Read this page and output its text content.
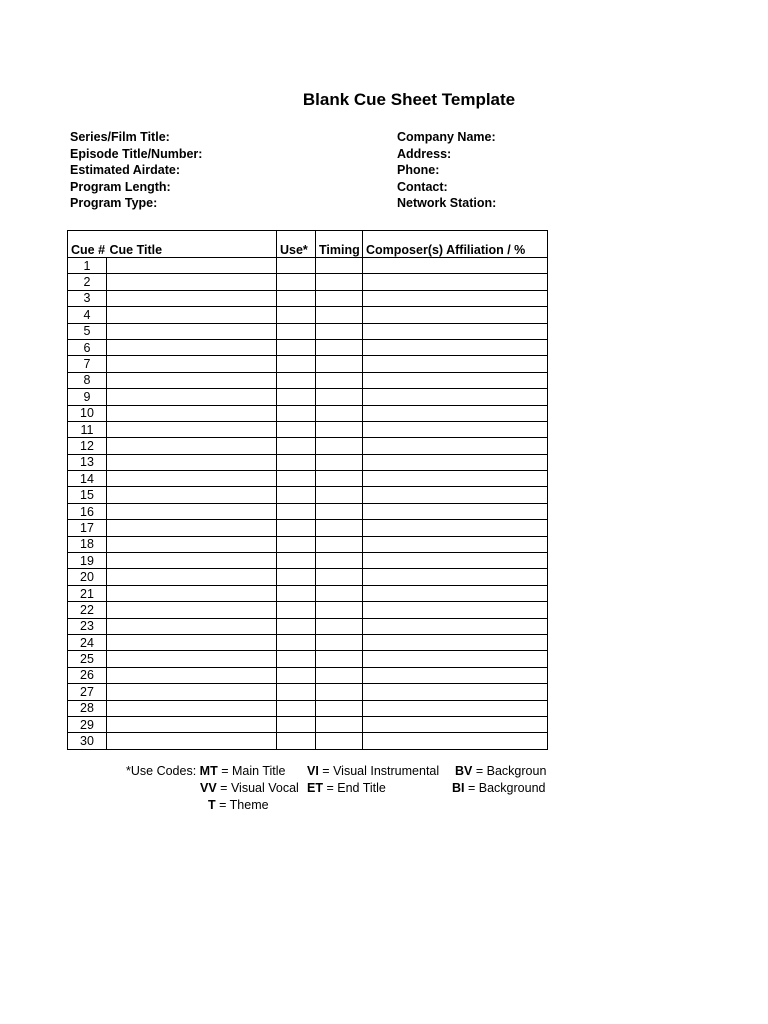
Blank Cue Sheet Template
Series/Film Title:
Episode Title/Number:
Estimated Airdate:
Program Length:
Program Type:
Company Name:
Address:
Phone:
Contact:
Network Station:
Cue #	Cue Title	Use*	Timing	Composer(s) Affiliation / %
1				
2				
3				
4				
5				
6				
7				
8				
9				
10				
11				
12				
13				
14				
15				
16				
17				
18				
19				
20				
21				
22				
23				
24				
25				
26				
27				
28				
29				
30				
*Use Codes: MT = Main Title VI = Visual Instrumental BV = Backgroun
VV = Visual Vocal ET = End Title	BI = Background
T = Theme
